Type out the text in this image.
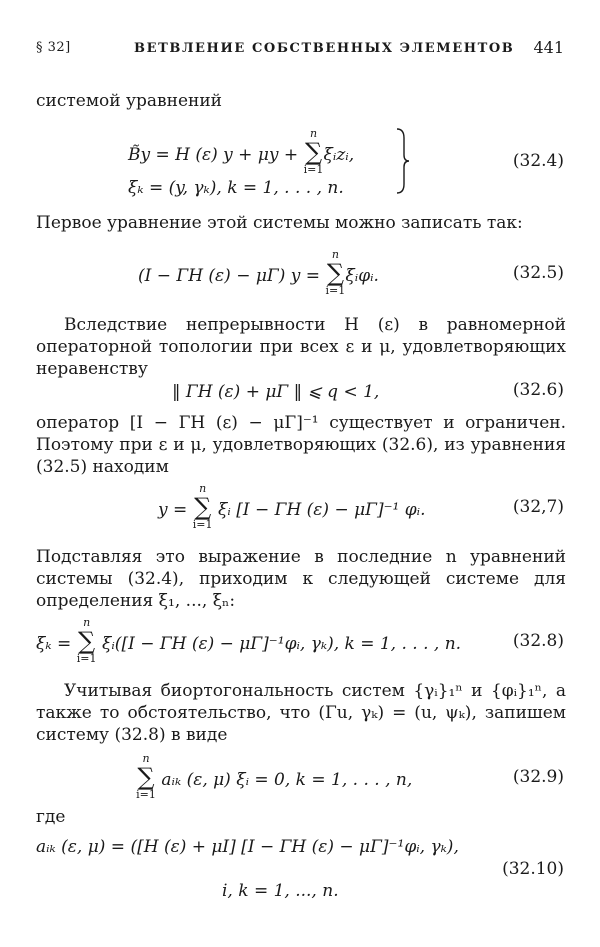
§ 32]	ВЕТВЛЕНИЕ СОБСТВЕННЫХ ЭЛЕМЕНТОВ 441
системой уравнений
B̃y = H (ε) y + μy +
n
∑
i=1
ξᵢzᵢ,
ξₖ = (y, γₖ), k = 1, . . . , n.
(32.4)
Первое уравнение этой системы можно записать так:
(I − ΓH (ε) − μΓ) y =
n
∑
i=1
ξᵢφᵢ.	(32.5)
Вследствие непрерывности H (ε) в равномерной операторной топологии при всех ε и μ, удовлетворяющих неравенству
‖ ΓH (ε) + μΓ ‖ ⩽ q < 1,	(32.6)
оператор [I − ΓH (ε) − μΓ]⁻¹ существует и ограничен. Поэтому при ε и μ, удовлетворяющих (32.6), из уравнения (32.5) находим
y =
n
∑
i=1
ξᵢ [I − ΓH (ε) − μΓ]⁻¹ φᵢ.	(32,7)
Подставляя это выражение в последние n уравнений системы (32.4), приходим к следующей системе для определения ξ₁, ..., ξₙ:
ξₖ =
n
∑
i=1
ξᵢ([I − ΓH (ε) − μΓ]⁻¹φᵢ, γₖ), k = 1, . . . , n.	(32.8)
Учитывая биортогональность систем {γᵢ}₁ⁿ и {φᵢ}₁ⁿ, а также то обстоятельство, что (Γu, γₖ) = (u, ψₖ), запишем систему (32.8) в виде
n
∑
i=1
aᵢₖ (ε, μ) ξᵢ = 0, k = 1, . . . , n,	(32.9)
где
aᵢₖ (ε, μ) = ([H (ε) + μI] [I − ΓH (ε) − μΓ]⁻¹φᵢ, γₖ),
(32.10)
i, k = 1, ..., n.
